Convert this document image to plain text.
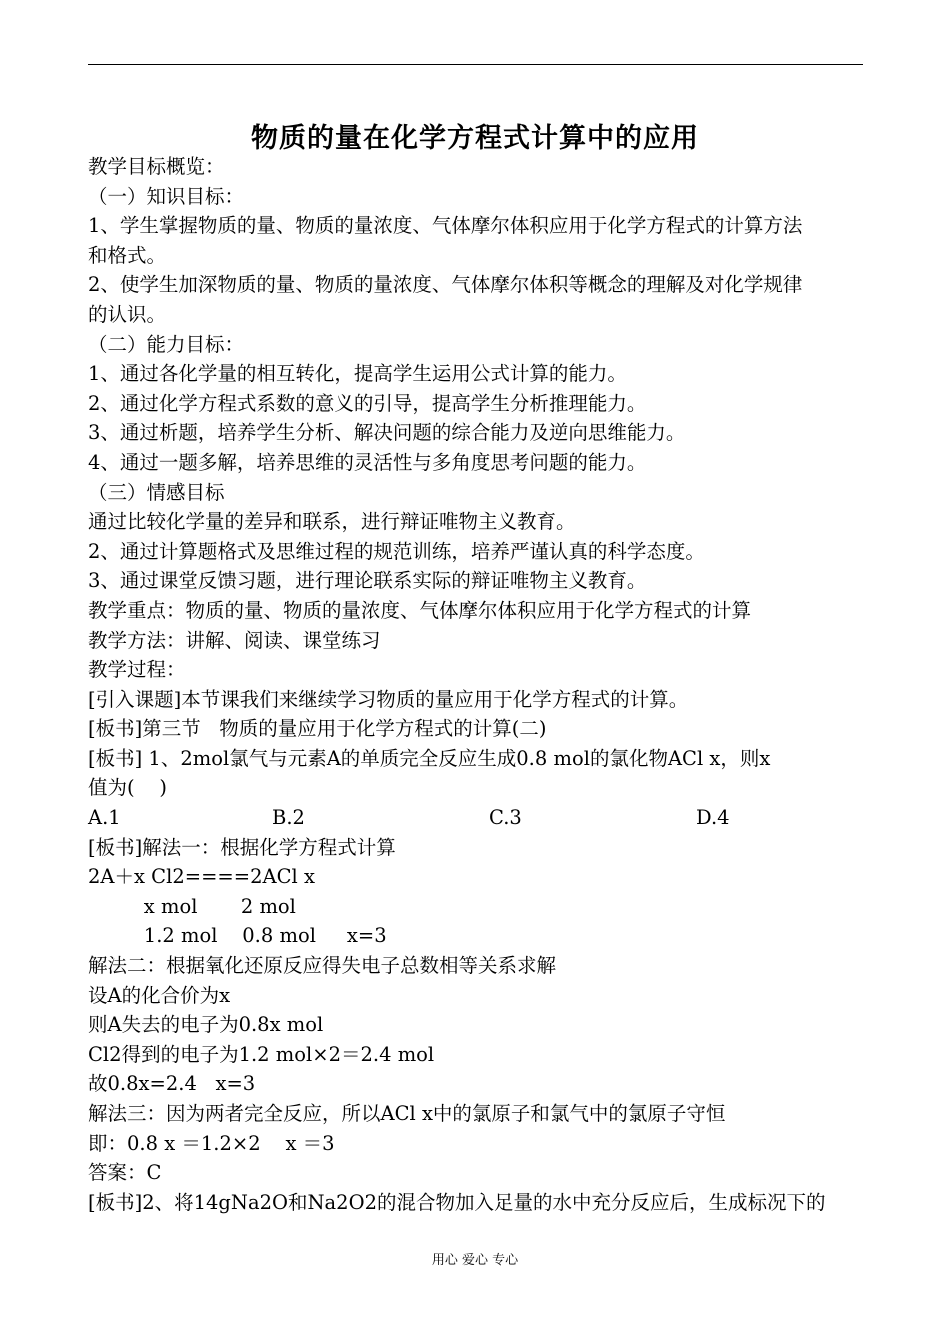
物质的量在化学方程式计算中的应用
教学目标概览：
（一）知识目标：
1、学生掌握物质的量、物质的量浓度、气体摩尔体积应用于化学方程式的计算方法
和格式。
2、使学生加深物质的量、物质的量浓度、气体摩尔体积等概念的理解及对化学规律
的认识。
（二）能力目标：
1、通过各化学量的相互转化，提高学生运用公式计算的能力。
2、通过化学方程式系数的意义的引导，提高学生分析推理能力。
3、通过析题，培养学生分析、解决问题的综合能力及逆向思维能力。
4、通过一题多解，培养思维的灵活性与多角度思考问题的能力。
（三）情感目标
通过比较化学量的差异和联系，进行辩证唯物主义教育。
2、通过计算题格式及思维过程的规范训练，培养严谨认真的科学态度。
3、通过课堂反馈习题，进行理论联系实际的辩证唯物主义教育。
教学重点：物质的量、物质的量浓度、气体摩尔体积应用于化学方程式的计算
教学方法：讲解、阅读、课堂练习
教学过程：
[引入课题]本节课我们来继续学习物质的量应用于化学方程式的计算。
[板书]第三节   物质的量应用于化学方程式的计算(二)
[板书] 1、2mol氯气与元素A的单质完全反应生成0.8 mol的氯化物ACl x，则x
值为(    )
A.1	B.2	C.3	D.4
[板书]解法一：根据化学方程式计算
2A＋x Cl2====2ACl x
x mol       2 mol
1.2 mol    0.8 mol     x=3
解法二：根据氧化还原反应得失电子总数相等关系求解
设A的化合价为x
则A失去的电子为0.8x mol
Cl2得到的电子为1.2 mol×2＝2.4 mol
故0.8x=2.4   x=3
解法三：因为两者完全反应，所以ACl x中的氯原子和氯气中的氯原子守恒
即：0.8 x ＝1.2×2    x ＝3
答案：C
[板书]2、将14gNa2O和Na2O2的混合物加入足量的水中充分反应后，生成标况下的
用心 爱心 专心
